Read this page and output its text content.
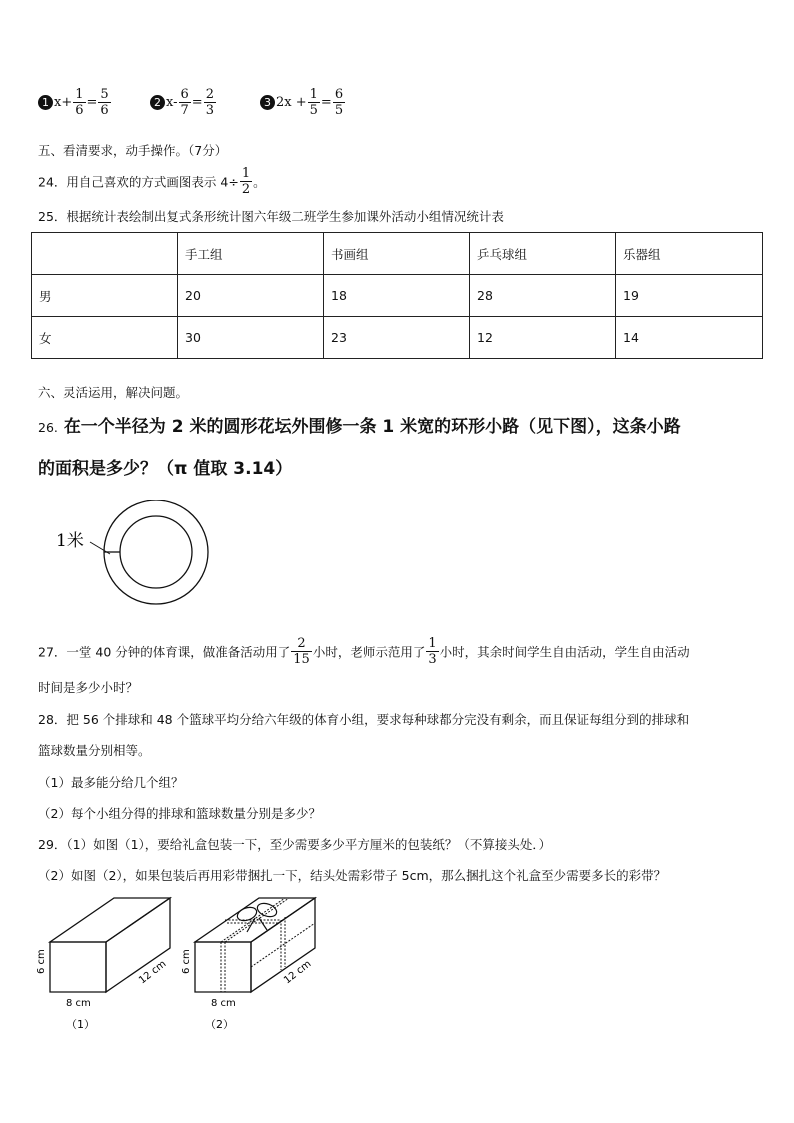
1 $x+ \frac{1}{6} = \frac{5}{6}$	2 $x- \frac{6}{7} = \frac{2}{3}$	3 $2x + \frac{1}{5} = \frac{6}{5}$
五、看清要求，动手操作。（7分）
24．用自己喜欢的方式画图表示 $4\div \frac{1}{2}$ 。
25．根据统计表绘制出复式条形统计图六年级二班学生参加课外活动小组情况统计表
	手工组	书画组	乒乓球组	乐器组
男	20	18	28	19
女	30	23	12	14
六、灵活运用，解决问题。
26. 在一个半径为 2 米的圆形花坛外围修一条 1 米宽的环形小路（见下图），这条小路
的面积是多少？（π 值取 3.14）
1米
27．一堂 40 分钟的体育课，做准备活动用了 $\frac{2}{15}$ 小时，老师示范用了 $\frac{1}{3}$ 小时，其余时间学生自由活动，学生自由活动
时间是多少小时？
28．把 56 个排球和 48 个篮球平均分给六年级的体育小组，要求每种球都分完没有剩余，而且保证每组分到的排球和
篮球数量分别相等。
（1）最多能分给几个组？
（2）每个小组分得的排球和篮球数量分别是多少？
29．（1）如图（1），要给礼盒包装一下，至少需要多少平方厘米的包装纸？（不算接头处．）
（2）如图（2），如果包装后再用彩带捆扎一下，结头处需彩带子 5cm，那么捆扎这个礼盒至少需要多长的彩带？
6 cm
8 cm
12 cm
（1）
6 cm
8 cm
12 cm
（2）
